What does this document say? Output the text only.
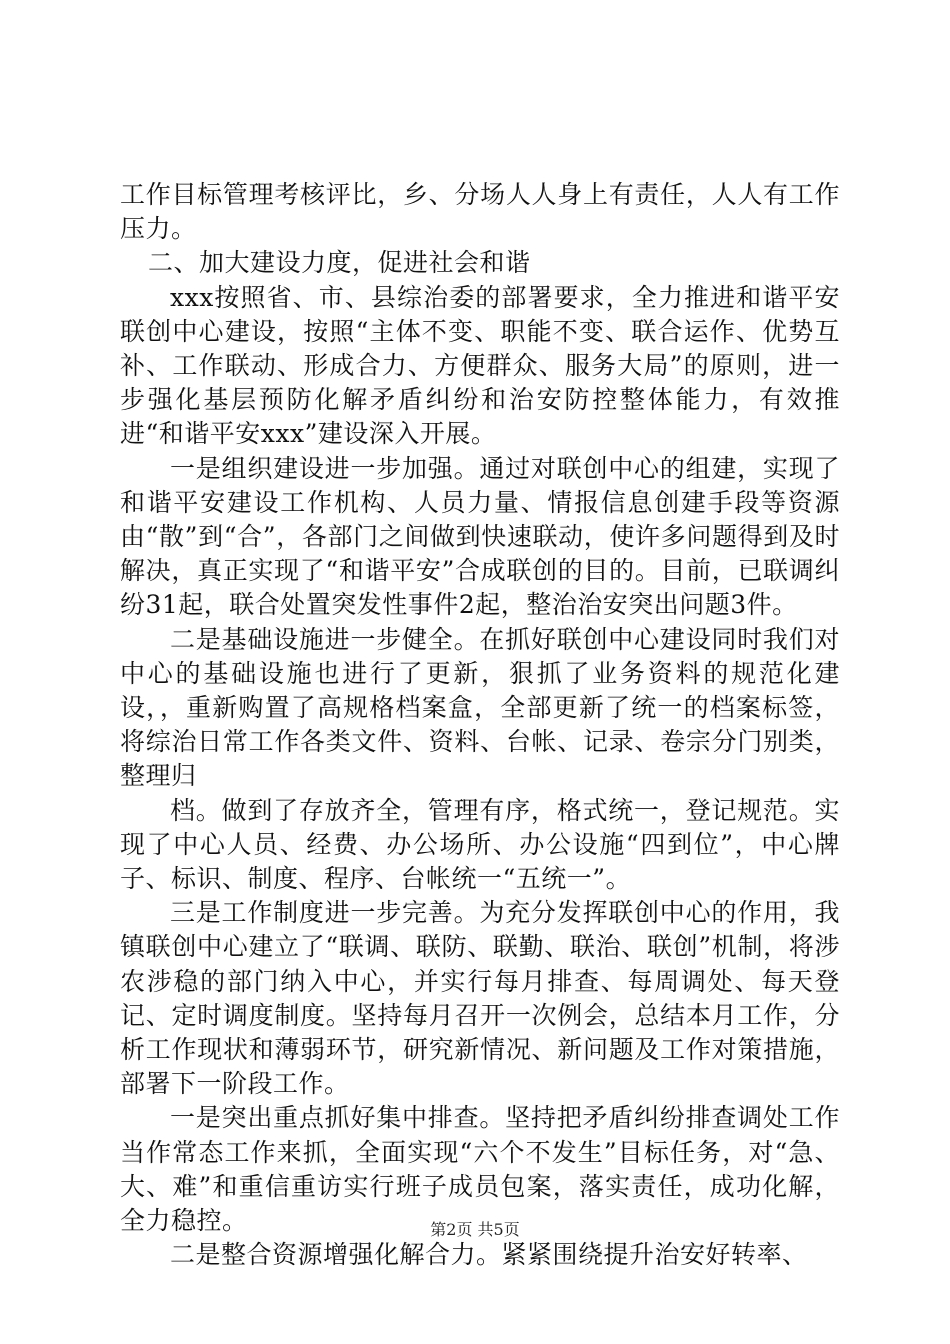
工作目标管理考核评比，乡、分场人人身上有责任，人人有工作压力。

二、加大建设力度，促进社会和谐

xxx按照省、市、县综治委的部署要求，全力推进和谐平安联创中心建设，按照“主体不变、职能不变、联合运作、优势互补、工作联动、形成合力、方便群众、服务大局”的原则，进一步强化基层预防化解矛盾纠纷和治安防控整体能力，有效推进“和谐平安xxx”建设深入开展。

一是组织建设进一步加强。通过对联创中心的组建，实现了和谐平安建设工作机构、人员力量、情报信息创建手段等资源由“散”到“合”，各部门之间做到快速联动，使许多问题得到及时解决，真正实现了“和谐平安”合成联创的目的。目前，已联调纠纷31起，联合处置突发性事件2起，整治治安突出问题3件。

二是基础设施进一步健全。在抓好联创中心建设同时我们对中心的基础设施也进行了更新，狠抓了业务资料的规范化建设，，重新购置了高规格档案盒，全部更新了统一的档案标签，将综治日常工作各类文件、资料、台帐、记录、卷宗分门别类，整理归

档。做到了存放齐全，管理有序，格式统一，登记规范。实现了中心人员、经费、办公场所、办公设施“四到位”，中心牌子、标识、制度、程序、台帐统一“五统一”。

三是工作制度进一步完善。为充分发挥联创中心的作用，我镇联创中心建立了“联调、联防、联勤、联治、联创”机制，将涉农涉稳的部门纳入中心，并实行每月排查、每周调处、每天登记、定时调度制度。坚持每月召开一次例会，总结本月工作，分析工作现状和薄弱环节，研究新情况、新问题及工作对策措施，部署下一阶段工作。

一是突出重点抓好集中排查。坚持把矛盾纠纷排查调处工作当作常态工作来抓，全面实现“六个不发生”目标任务，对“急、大、难”和重信重访实行班子成员包案，落实责任，成功化解，全力稳控。

二是整合资源增强化解合力。紧紧围绕提升治安好转率、

第2页 共5页
